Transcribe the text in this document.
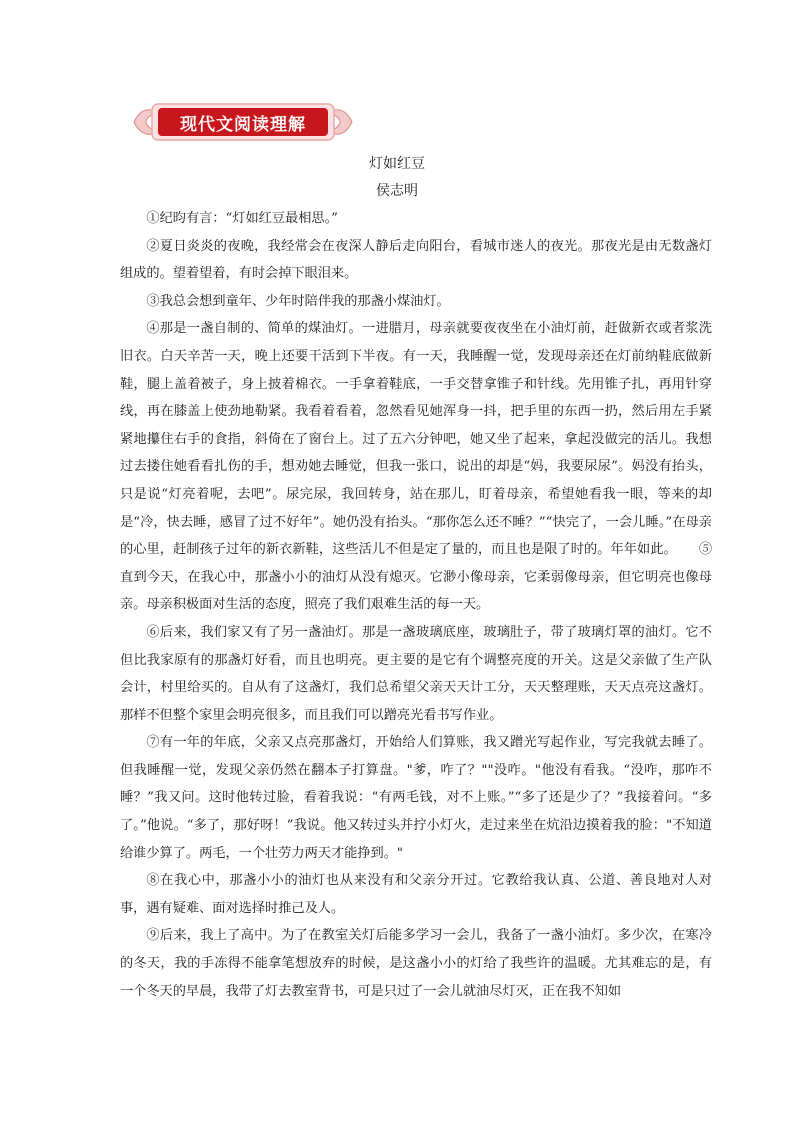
现代文阅读理解
灯如红豆
侯志明

①纪昀有言：“灯如红豆最相思。”

②夏日炎炎的夜晚，我经常会在夜深人静后走向阳台，看城市迷人的夜光。那夜光是由无数盏灯组成的。望着望着，有时会掉下眼泪来。

③我总会想到童年、少年时陪伴我的那盏小煤油灯。

④那是一盏自制的、简单的煤油灯。一进腊月，母亲就要夜夜坐在小油灯前，赶做新衣或者浆洗旧衣。白天辛苦一天，晚上还要干活到下半夜。有一天，我睡醒一觉，发现母亲还在灯前纳鞋底做新鞋，腿上盖着被子，身上披着棉衣。一手拿着鞋底，一手交替拿锥子和针线。先用锥子扎，再用针穿线，再在膝盖上使劲地勒紧。我看着看着，忽然看见她浑身一抖，把手里的东西一扔，然后用左手紧紧地攥住右手的食指，斜倚在了窗台上。过了五六分钟吧，她又坐了起来，拿起没做完的活儿。我想过去搂住她看看扎伤的手，想劝她去睡觉，但我一张口，说出的却是“妈，我要尿尿”。妈没有抬头，只是说“灯亮着呢，去吧”。尿完尿，我回转身，站在那儿，盯着母亲，希望她看我一眼，等来的却是“冷，快去睡，感冒了过不好年”。她仍没有抬头。“那你怎么还不睡？”“快完了，一会儿睡。”在母亲的心里，赶制孩子过年的新衣新鞋，这些活儿不但是定了量的，而且也是限了时的。年年如此。 ⑤直到今天，在我心中，那盏小小的油灯从没有熄灭。它渺小像母亲，它柔弱像母亲，但它明亮也像母亲。母亲积极面对生活的态度，照亮了我们艰难生活的每一天。

⑥后来，我们家又有了另一盏油灯。那是一盏玻璃底座，玻璃肚子，带了玻璃灯罩的油灯。它不但比我家原有的那盏灯好看，而且也明亮。更主要的是它有个调整亮度的开关。这是父亲做了生产队会计，村里给买的。自从有了这盏灯，我们总希望父亲天天计工分，天天整理账，天天点亮这盏灯。那样不但整个家里会明亮很多，而且我们可以蹭亮光看书写作业。

⑦有一年的年底，父亲又点亮那盏灯，开始给人们算账，我又蹭光写起作业，写完我就去睡了。但我睡醒一觉，发现父亲仍然在翻本子打算盘。"爹，咋了？""没咋。"他没有看我。“没咋，那咋不睡？”我又问。这时他转过脸，看着我说：“有两毛钱，对不上账。”“多了还是少了？”我接着问。“多了。”他说。“多了，那好呀！”我说。他又转过头并拧小灯火，走过来坐在炕沿边摸着我的脸："不知道给谁少算了。两毛，一个壮劳力两天才能挣到。"

⑧在我心中，那盏小小的油灯也从来没有和父亲分开过。它教给我认真、公道、善良地对人对事，遇有疑难、面对选择时推己及人。

⑨后来，我上了高中。为了在教室关灯后能多学习一会儿，我备了一盏小油灯。多少次，在寒冷的冬天，我的手冻得不能拿笔想放弃的时候，是这盏小小的灯给了我些许的温暖。尤其难忘的是，有一个冬天的早晨，我带了灯去教室背书，可是只过了一会儿就油尽灯灭，正在我不知如
